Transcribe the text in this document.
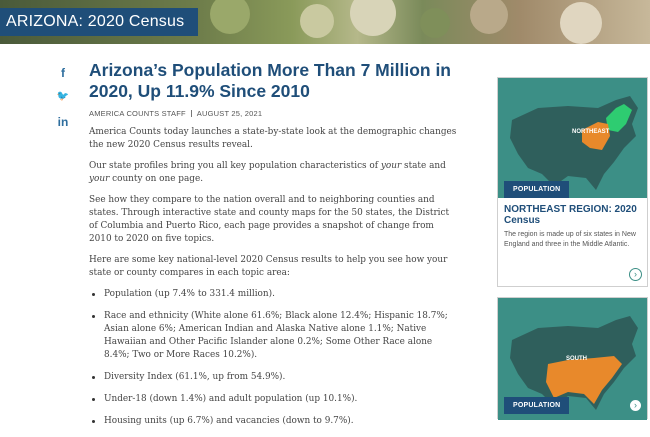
ARIZONA: 2020 Census
f
🐦
in
Arizona’s Population More Than 7 Million in 2020, Up 11.9% Since 2010
AMERICA COUNTS STAFF AUGUST 25, 2021

America Counts today launches a state-by-state look at the demographic changes the new 2020 Census results reveal.

Our state profiles bring you all key population characteristics of your state and your county on one page.

See how they compare to the nation overall and to neighboring counties and states. Through interactive state and county maps for the 50 states, the District of Columbia and Puerto Rico, each page provides a snapshot of change from 2010 to 2020 on five topics.

Here are some key national-level 2020 Census results to help you see how your state or county compares in each topic area:

Population (up 7.4% to 331.4 million).
Race and ethnicity (White alone 61.6%; Black alone 12.4%; Hispanic 18.7%; Asian alone 6%; American Indian and Alaska Native alone 1.1%; Native Hawaiian and Other Pacific Islander alone 0.2%; Some Other Race alone 8.4%; Two or More Races 10.2%).
Diversity Index (61.1%, up from 54.9%).
Under-18 (down 1.4%) and adult population (up 10.1%).
Housing units (up 6.7%) and vacancies (down to 9.7%).
NORTHEAST
POPULATION
NORTHEAST REGION: 2020 Census
The region is made up of six states in New England and three in the Middle Atlantic.
›
SOUTH
POPULATION	›
